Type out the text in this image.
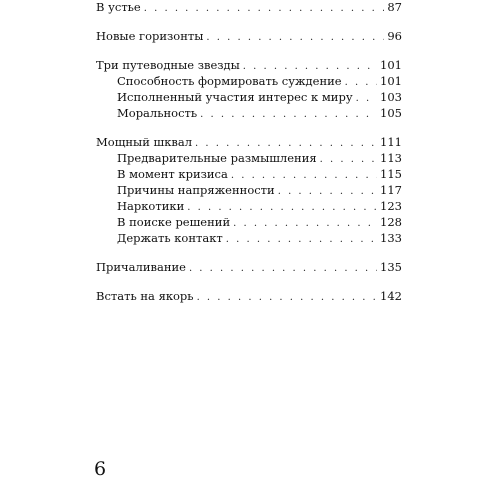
В устье . . .	87
Новые горизонты . . .	96
Три путеводные звезды . . .	101
Способность формировать суждение . . .	101
Исполненный участия интерес к миру . . . 103
Моральность . . .	105
Мощный шквал . . .	111
Предварительные размышления . . .	113
В момент кризиса . . .	115
Причины напряженности . . .	117
Наркотики . . .	123
В поиске решений . . .	128
Держать контакт . . .	133
Причаливание . . .	135
Встать на якорь . . .	142
6
